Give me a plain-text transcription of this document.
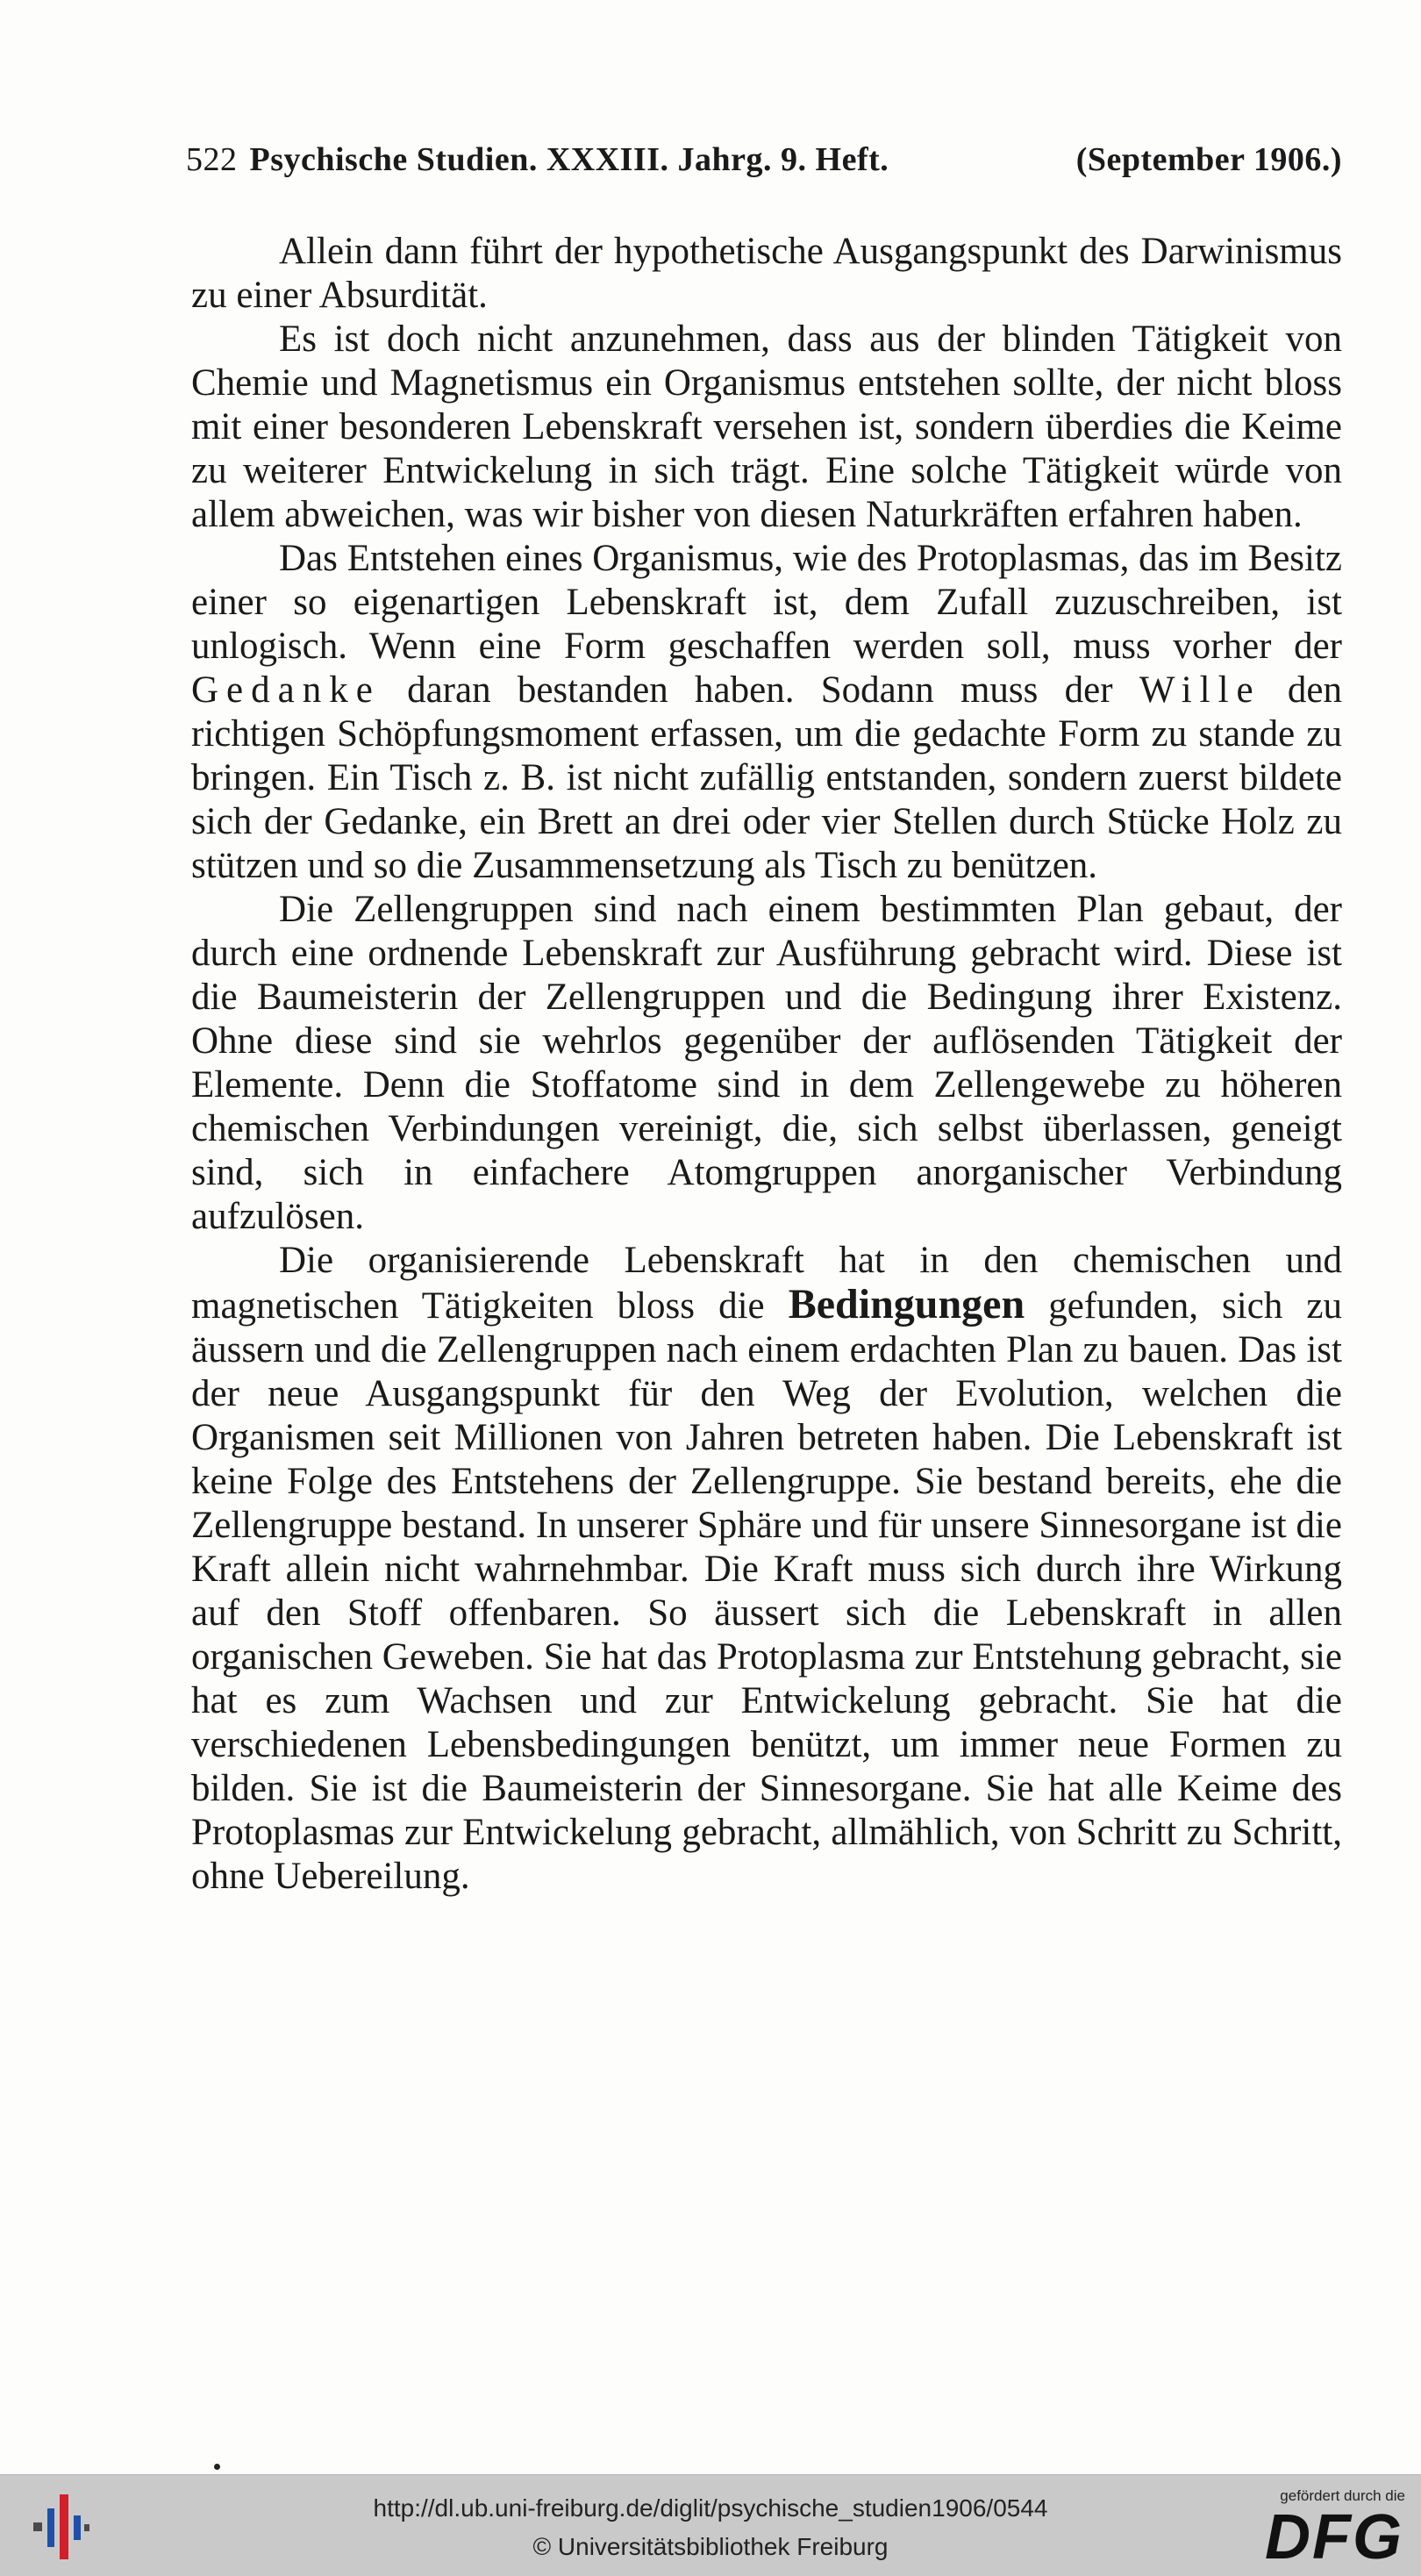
522 Psychische Studien. XXXIII. Jahrg. 9. Heft.	(September 1906.)

Allein dann führt der hypothetische Ausgangspunkt des Darwinismus zu einer Absurdität.

Es ist doch nicht anzunehmen, dass aus der blinden Tätigkeit von Chemie und Magnetismus ein Organismus entstehen sollte, der nicht bloss mit einer besonderen Lebenskraft versehen ist, sondern überdies die Keime zu weiterer Entwickelung in sich trägt. Eine solche Tätigkeit würde von allem abweichen, was wir bisher von diesen Naturkräften erfahren haben.

Das Entstehen eines Organismus, wie des Protoplasmas, das im Besitz einer so eigenartigen Lebenskraft ist, dem Zufall zuzuschreiben, ist unlogisch. Wenn eine Form geschaffen werden soll, muss vorher der Gedanke daran bestanden haben. Sodann muss der Wille den richtigen Schöpfungsmoment erfassen, um die gedachte Form zu stande zu bringen. Ein Tisch z. B. ist nicht zufällig entstanden, sondern zuerst bildete sich der Gedanke, ein Brett an drei oder vier Stellen durch Stücke Holz zu stützen und so die Zusammensetzung als Tisch zu benützen.

Die Zellengruppen sind nach einem bestimmten Plan gebaut, der durch eine ordnende Lebenskraft zur Ausführung gebracht wird. Diese ist die Baumeisterin der Zellengruppen und die Bedingung ihrer Existenz. Ohne diese sind sie wehrlos gegenüber der auflösenden Tätigkeit der Elemente. Denn die Stoffatome sind in dem Zellengewebe zu höheren chemischen Verbindungen vereinigt, die, sich selbst überlassen, geneigt sind, sich in einfachere Atomgruppen anorganischer Verbindung aufzulösen.

Die organisierende Lebenskraft hat in den chemischen und magnetischen Tätigkeiten bloss die Bedingungen gefunden, sich zu äussern und die Zellengruppen nach einem erdachten Plan zu bauen. Das ist der neue Ausgangspunkt für den Weg der Evolution, welchen die Organismen seit Millionen von Jahren betreten haben. Die Lebenskraft ist keine Folge des Entstehens der Zellengruppe. Sie bestand bereits, ehe die Zellengruppe bestand. In unserer Sphäre und für unsere Sinnesorgane ist die Kraft allein nicht wahrnehmbar. Die Kraft muss sich durch ihre Wirkung auf den Stoff offenbaren. So äussert sich die Lebenskraft in allen organischen Geweben. Sie hat das Protoplasma zur Entstehung gebracht, sie hat es zum Wachsen und zur Entwickelung gebracht. Sie hat die verschiedenen Lebensbedingungen benützt, um immer neue Formen zu bilden. Sie ist die Baumeisterin der Sinnesorgane. Sie hat alle Keime des Protoplasmas zur Entwickelung gebracht, allmählich, von Schritt zu Schritt, ohne Uebereilung.

http://dl.ub.uni-freiburg.de/diglit/psychische_studien1906/0544
© Universitätsbibliothek Freiburg
gefördert durch die
DFG
